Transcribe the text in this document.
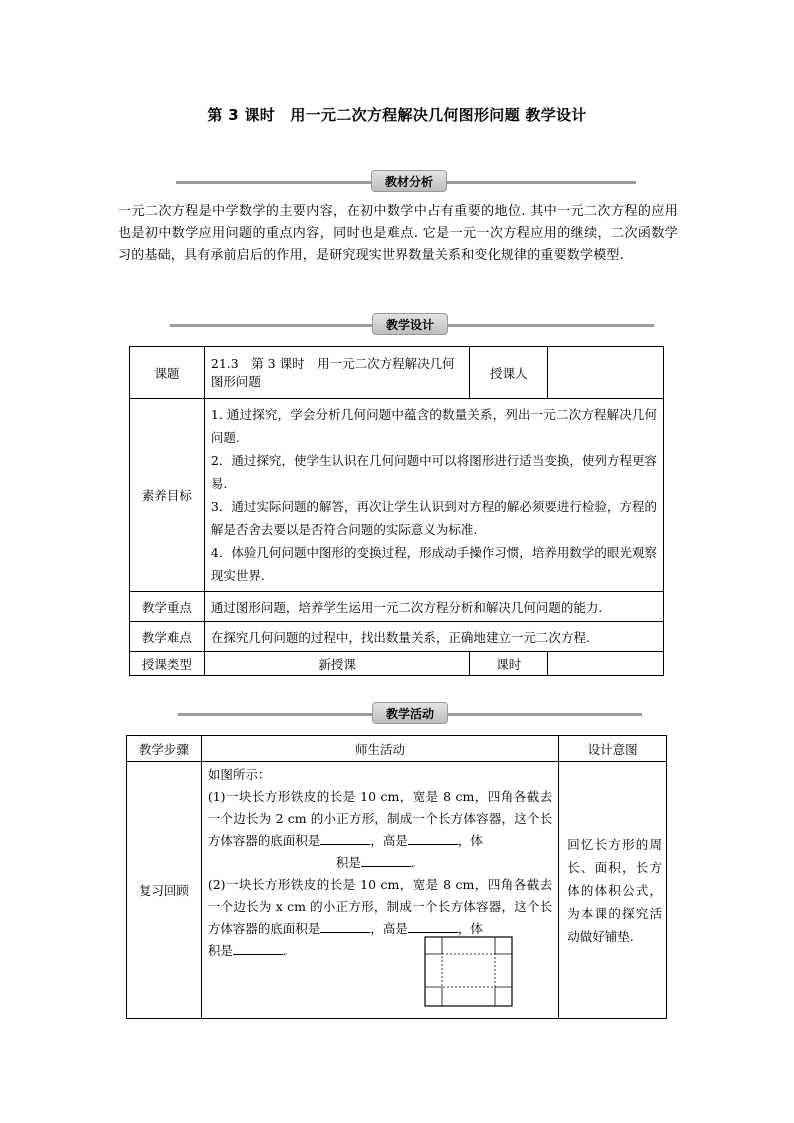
第 3 课时　用一元二次方程解决几何图形问题 教学设计
教材分析

一元二次方程是中学数学的主要内容，在初中数学中占有重要的地位. 其中一元二次方程的应用也是初中数学应用问题的重点内容，同时也是难点. 它是一元一次方程应用的继续，二次函数学习的基础，具有承前启后的作用，是研究现实世界数量关系和变化规律的重要数学模型.

教学设计
课题	21.3　第 3 课时　用一元二次方程解决几何图形问题	授课人	
素养目标	1. 通过探究，学会分析几何问题中蕴含的数量关系，列出一元二次方程解决几何问题.
2．通过探究，使学生认识在几何问题中可以将图形进行适当变换，使列方程更容易.
3．通过实际问题的解答，再次让学生认识到对方程的解必须要进行检验，方程的解是否舍去要以是否符合问题的实际意义为标准.
4．体验几何问题中图形的变换过程，形成动手操作习惯，培养用数学的眼光观察现实世界.		

教学重点	通过图形问题，培养学生运用一元二次方程分析和解决几何问题的能力.		
教学难点	在探究几何问题的过程中，找出数量关系，正确地建立一元二次方程.		
授课类型	新授课	课时	
教学活动
教学步骤	师生活动	设计意图
复习回顾	如图所示：
(1)一块长方形铁皮的长是 10 cm，宽是 8 cm，四角各截去一个边长为 2 cm 的小正方形，制成一个长方体容器，这个长方体容器的底面积是 ，高是 ，体
积是 .
(2)一块长方形铁皮的长是 10 cm，宽是 8 cm，四角各截去一个边长为 x cm 的小正方形，制成一个长方体容器，这个长方体容器的底面积是 ，高是 ，体
积是 .	回忆长方形的周长、面积，长方体的体积公式，为本课的探究活动做好铺垫.
